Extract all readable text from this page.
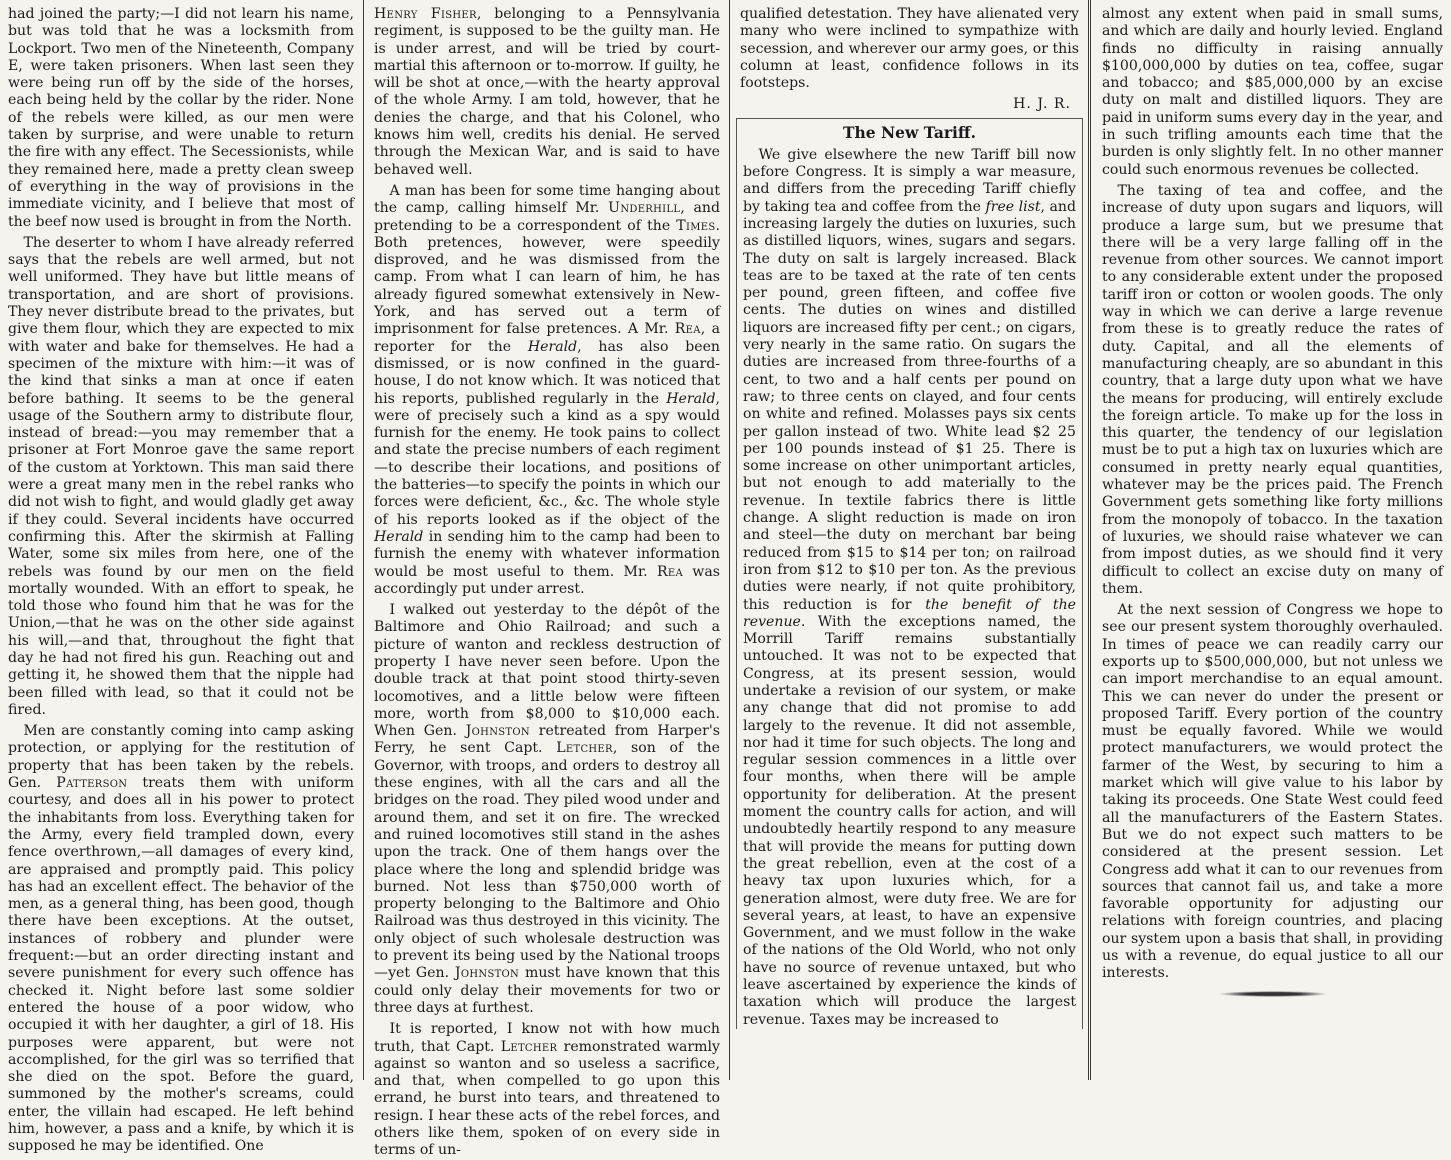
had joined the party;—I did not learn his name, but was told that he was a locksmith from Lockport. Two men of the Nineteenth, Company E, were taken prisoners. When last seen they were being run off by the side of the horses, each being held by the collar by the rider. None of the rebels were killed, as our men were taken by surprise, and were unable to return the fire with any effect. The Secessionists, while they remained here, made a pretty clean sweep of everything in the way of provisions in the immediate vicinity, and I believe that most of the beef now used is brought in from the North.

The deserter to whom I have already referred says that the rebels are well armed, but not well uniformed. They have but little means of transportation, and are short of provisions. They never distribute bread to the privates, but give them flour, which they are expected to mix with water and bake for themselves. He had a specimen of the mixture with him:—it was of the kind that sinks a man at once if eaten before bathing. It seems to be the general usage of the Southern army to distribute flour, instead of bread:—you may remember that a prisoner at Fort Monroe gave the same report of the custom at Yorktown. This man said there were a great many men in the rebel ranks who did not wish to fight, and would gladly get away if they could. Several incidents have occurred confirming this. After the skirmish at Falling Water, some six miles from here, one of the rebels was found by our men on the field mortally wounded. With an effort to speak, he told those who found him that he was for the Union,—that he was on the other side against his will,—and that, throughout the fight that day he had not fired his gun. Reaching out and getting it, he showed them that the nipple had been filled with lead, so that it could not be fired.

Men are constantly coming into camp asking protection, or applying for the restitution of property that has been taken by the rebels. Gen. Patterson treats them with uniform courtesy, and does all in his power to protect the inhabitants from loss. Everything taken for the Army, every field trampled down, every fence overthrown,—all damages of every kind, are appraised and promptly paid. This policy has had an excellent effect. The behavior of the men, as a general thing, has been good, though there have been exceptions. At the outset, instances of robbery and plunder were frequent:—but an order directing instant and severe punishment for every such offence has checked it. Night before last some soldier entered the house of a poor widow, who occupied it with her daughter, a girl of 18. His purposes were apparent, but were not accomplished, for the girl was so terrified that she died on the spot. Before the guard, summoned by the mother's screams, could enter, the villain had escaped. He left behind him, however, a pass and a knife, by which it is supposed he may be identified. One

Henry Fisher, belonging to a Pennsylvania regiment, is supposed to be the guilty man. He is under arrest, and will be tried by court-martial this afternoon or to-morrow. If guilty, he will be shot at once,—with the hearty approval of the whole Army. I am told, however, that he denies the charge, and that his Colonel, who knows him well, credits his denial. He served through the Mexican War, and is said to have behaved well.

A man has been for some time hanging about the camp, calling himself Mr. Underhill, and pretending to be a correspondent of the Times. Both pretences, however, were speedily disproved, and he was dismissed from the camp. From what I can learn of him, he has already figured somewhat extensively in New-York, and has served out a term of imprisonment for false pretences. A Mr. Rea, a reporter for the Herald, has also been dismissed, or is now confined in the guard-house, I do not know which. It was noticed that his reports, published regularly in the Herald, were of precisely such a kind as a spy would furnish for the enemy. He took pains to collect and state the precise numbers of each regiment—to describe their locations, and positions of the batteries—to specify the points in which our forces were deficient, &c., &c. The whole style of his reports looked as if the object of the Herald in sending him to the camp had been to furnish the enemy with whatever information would be most useful to them. Mr. Rea was accordingly put under arrest.

I walked out yesterday to the dépôt of the Baltimore and Ohio Railroad; and such a picture of wanton and reckless destruction of property I have never seen before. Upon the double track at that point stood thirty-seven locomotives, and a little below were fifteen more, worth from $8,000 to $10,000 each. When Gen. Johnston retreated from Harper's Ferry, he sent Capt. Letcher, son of the Governor, with troops, and orders to destroy all these engines, with all the cars and all the bridges on the road. They piled wood under and around them, and set it on fire. The wrecked and ruined locomotives still stand in the ashes upon the track. One of them hangs over the place where the long and splendid bridge was burned. Not less than $750,000 worth of property belonging to the Baltimore and Ohio Railroad was thus destroyed in this vicinity. The only object of such wholesale destruction was to prevent its being used by the National troops—yet Gen. Johnston must have known that this could only delay their movements for two or three days at furthest.

It is reported, I know not with how much truth, that Capt. Letcher remonstrated warmly against so wanton and so useless a sacrifice, and that, when compelled to go upon this errand, he burst into tears, and threatened to resign. I hear these acts of the rebel forces, and others like them, spoken of on every side in terms of un-

qualified detestation. They have alienated very many who were inclined to sympathize with secession, and wherever our army goes, or this column at least, confidence follows in its footsteps.

H. J. R.
The New Tariff.

We give elsewhere the new Tariff bill now before Congress. It is simply a war measure, and differs from the preceding Tariff chiefly by taking tea and coffee from the free list, and increasing largely the duties on luxuries, such as distilled liquors, wines, sugars and segars. The duty on salt is largely increased. Black teas are to be taxed at the rate of ten cents per pound, green fifteen, and coffee five cents. The duties on wines and distilled liquors are increased fifty per cent.; on cigars, very nearly in the same ratio. On sugars the duties are increased from three-fourths of a cent, to two and a half cents per pound on raw; to three cents on clayed, and four cents on white and refined. Molasses pays six cents per gallon instead of two. White lead $2 25 per 100 pounds instead of $1 25. There is some increase on other unimportant articles, but not enough to add materially to the revenue. In textile fabrics there is little change. A slight reduction is made on iron and steel—the duty on merchant bar being reduced from $15 to $14 per ton; on railroad iron from $12 to $10 per ton. As the previous duties were nearly, if not quite prohibitory, this reduction is for the benefit of the revenue. With the exceptions named, the Morrill Tariff remains substantially untouched. It was not to be expected that Congress, at its present session, would undertake a revision of our system, or make any change that did not promise to add largely to the revenue. It did not assemble, nor had it time for such objects. The long and regular session commences in a little over four months, when there will be ample opportunity for deliberation. At the present moment the country calls for action, and will undoubtedly heartily respond to any measure that will provide the means for putting down the great rebellion, even at the cost of a heavy tax upon luxuries which, for a generation almost, were duty free. We are for several years, at least, to have an expensive Government, and we must follow in the wake of the nations of the Old World, who not only have no source of revenue untaxed, but who leave ascertained by experience the kinds of taxation which will produce the largest revenue. Taxes may be increased to

almost any extent when paid in small sums, and which are daily and hourly levied. England finds no difficulty in raising annually $100,000,000 by duties on tea, coffee, sugar and tobacco; and $85,000,000 by an excise duty on malt and distilled liquors. They are paid in uniform sums every day in the year, and in such trifling amounts each time that the burden is only slightly felt. In no other manner could such enormous revenues be collected.

The taxing of tea and coffee, and the increase of duty upon sugars and liquors, will produce a large sum, but we presume that there will be a very large falling off in the revenue from other sources. We cannot import to any considerable extent under the proposed tariff iron or cotton or woolen goods. The only way in which we can derive a large revenue from these is to greatly reduce the rates of duty. Capital, and all the elements of manufacturing cheaply, are so abundant in this country, that a large duty upon what we have the means for producing, will entirely exclude the foreign article. To make up for the loss in this quarter, the tendency of our legislation must be to put a high tax on luxuries which are consumed in pretty nearly equal quantities, whatever may be the prices paid. The French Government gets something like forty millions from the monopoly of tobacco. In the taxation of luxuries, we should raise whatever we can from impost duties, as we should find it very difficult to collect an excise duty on many of them.

At the next session of Congress we hope to see our present system thoroughly overhauled. In times of peace we can readily carry our exports up to $500,000,000, but not unless we can import merchandise to an equal amount. This we can never do under the present or proposed Tariff. Every portion of the country must be equally favored. While we would protect manufacturers, we would protect the farmer of the West, by securing to him a market which will give value to his labor by taking its proceeds. One State West could feed all the manufacturers of the Eastern States. But we do not expect such matters to be considered at the present session. Let Congress add what it can to our revenues from sources that cannot fail us, and take a more favorable opportunity for adjusting our relations with foreign countries, and placing our system upon a basis that shall, in providing us with a revenue, do equal justice to all our interests.
